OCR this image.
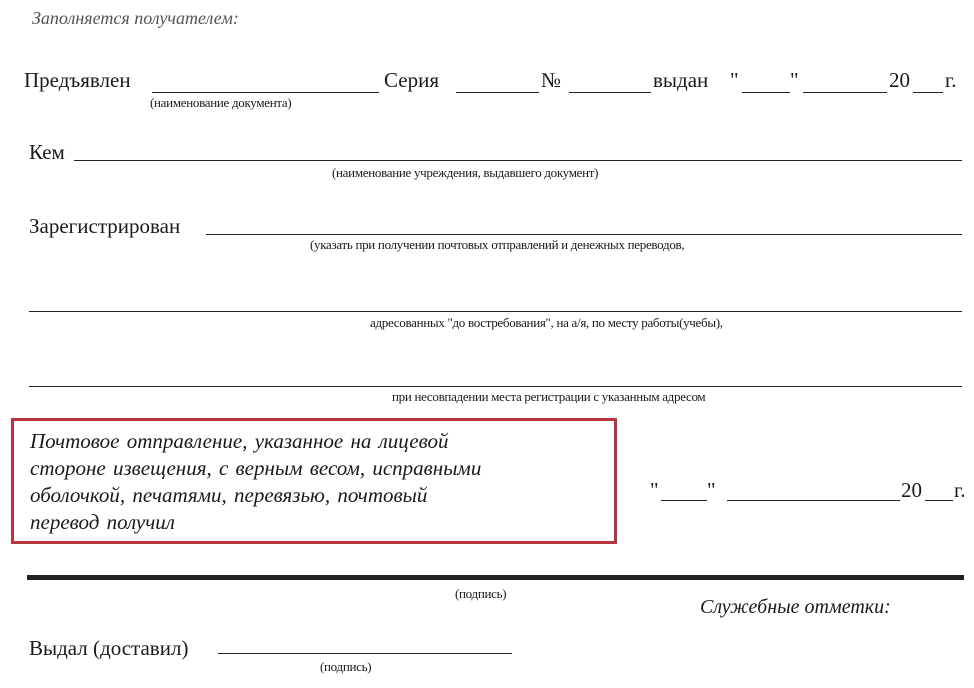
Заполняется получателем:
Предъявлен
(наименование документа)
Серия	№	выдан " "	20 г.
Кем
(наименование учреждения, выдавшего документ)
Зарегистрирован
(указать при получении почтовых отправлений и денежных переводов,
адресованных "до востребования", на а/я, по месту работы(учебы),
при несовпадении места регистрации с указанным адресом
Почтовое отправление, указанное на лицевой
стороне извещения, с верным весом, исправными
оболочкой, печатями, перевязью, почтовый
перевод получил
" "	20 г.
(подпись)
Служебные отметки:
Выдал (доставил)
(подпись)
